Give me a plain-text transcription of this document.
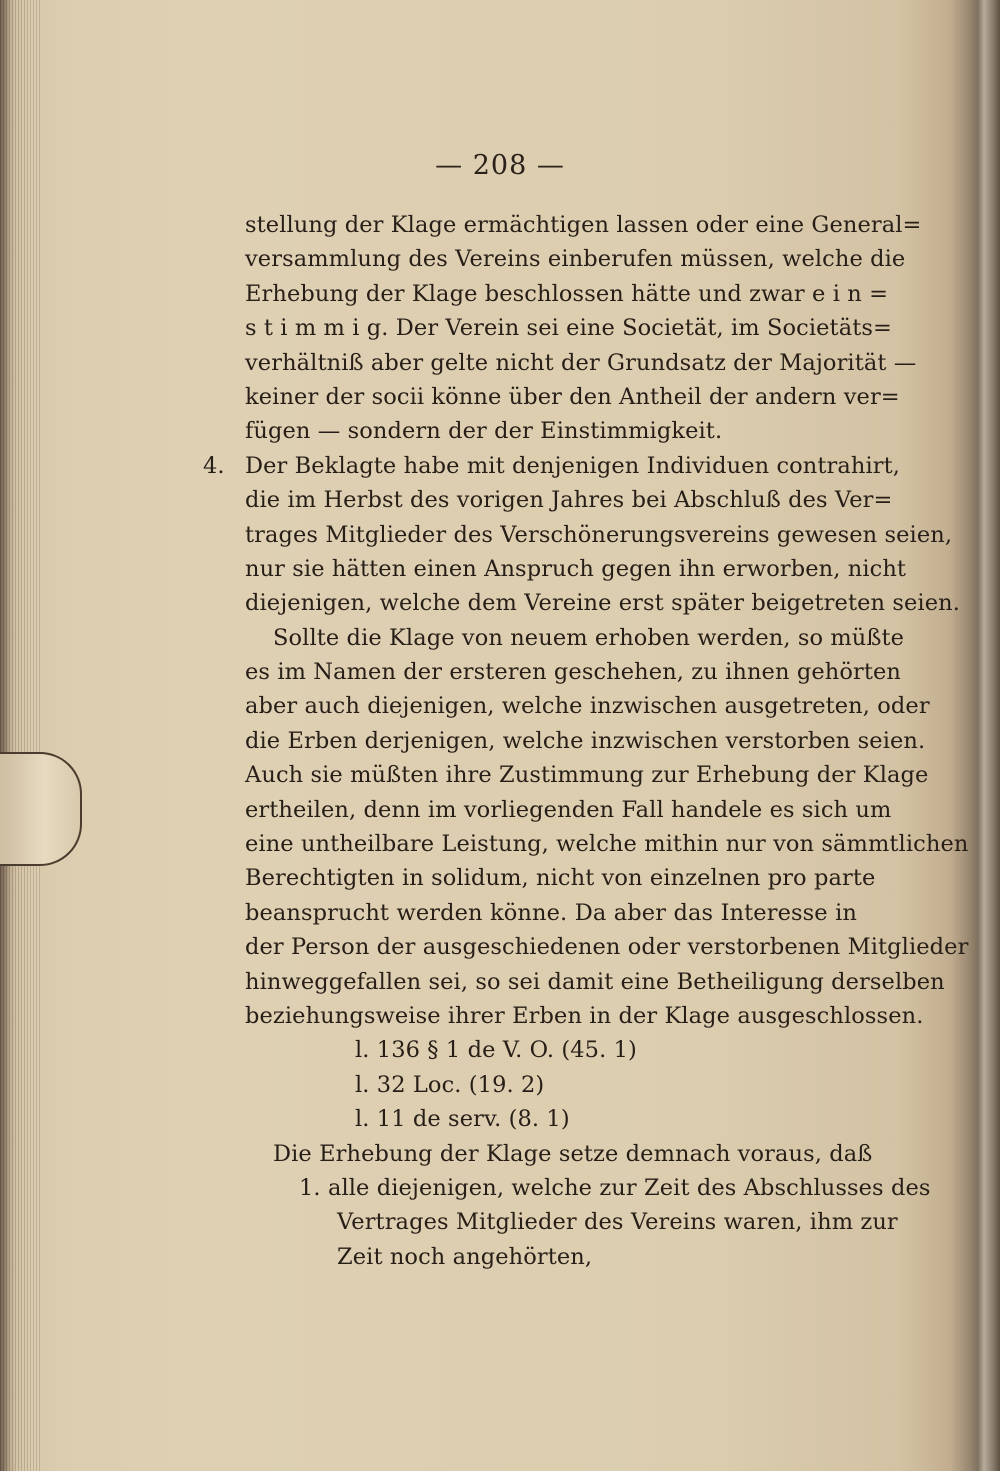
— 208 —
stellung der Klage ermächtigen lassen oder eine General=
versammlung des Vereins einberufen müssen, welche die
Erhebung der Klage beschlossen hätte und zwar e i n =
s t i m m i g. Der Verein sei eine Societät, im Societäts=
verhältniß aber gelte nicht der Grundsatz der Majorität —
keiner der socii könne über den Antheil der andern ver=
fügen — sondern der der Einstimmigkeit.
4. Der Beklagte habe mit denjenigen Individuen contrahirt,
die im Herbst des vorigen Jahres bei Abschluß des Ver=
trages Mitglieder des Verschönerungsvereins gewesen seien,
nur sie hätten einen Anspruch gegen ihn erworben, nicht
diejenigen, welche dem Vereine erst später beigetreten seien.
Sollte die Klage von neuem erhoben werden, so müßte
es im Namen der ersteren geschehen, zu ihnen gehörten
aber auch diejenigen, welche inzwischen ausgetreten, oder
die Erben derjenigen, welche inzwischen verstorben seien.
Auch sie müßten ihre Zustimmung zur Erhebung der Klage
ertheilen, denn im vorliegenden Fall handele es sich um
eine untheilbare Leistung, welche mithin nur von sämmtlichen
Berechtigten in solidum, nicht von einzelnen pro parte
beansprucht werden könne. Da aber das Interesse in
der Person der ausgeschiedenen oder verstorbenen Mitglieder
hinweggefallen sei, so sei damit eine Betheiligung derselben
beziehungsweise ihrer Erben in der Klage ausgeschlossen.
l. 136 § 1 de V. O. (45. 1)
l. 32 Loc. (19. 2)
l. 11 de serv. (8. 1)
Die Erhebung der Klage setze demnach voraus, daß
1. alle diejenigen, welche zur Zeit des Abschlusses des
Vertrages Mitglieder des Vereins waren, ihm zur
Zeit noch angehörten,
